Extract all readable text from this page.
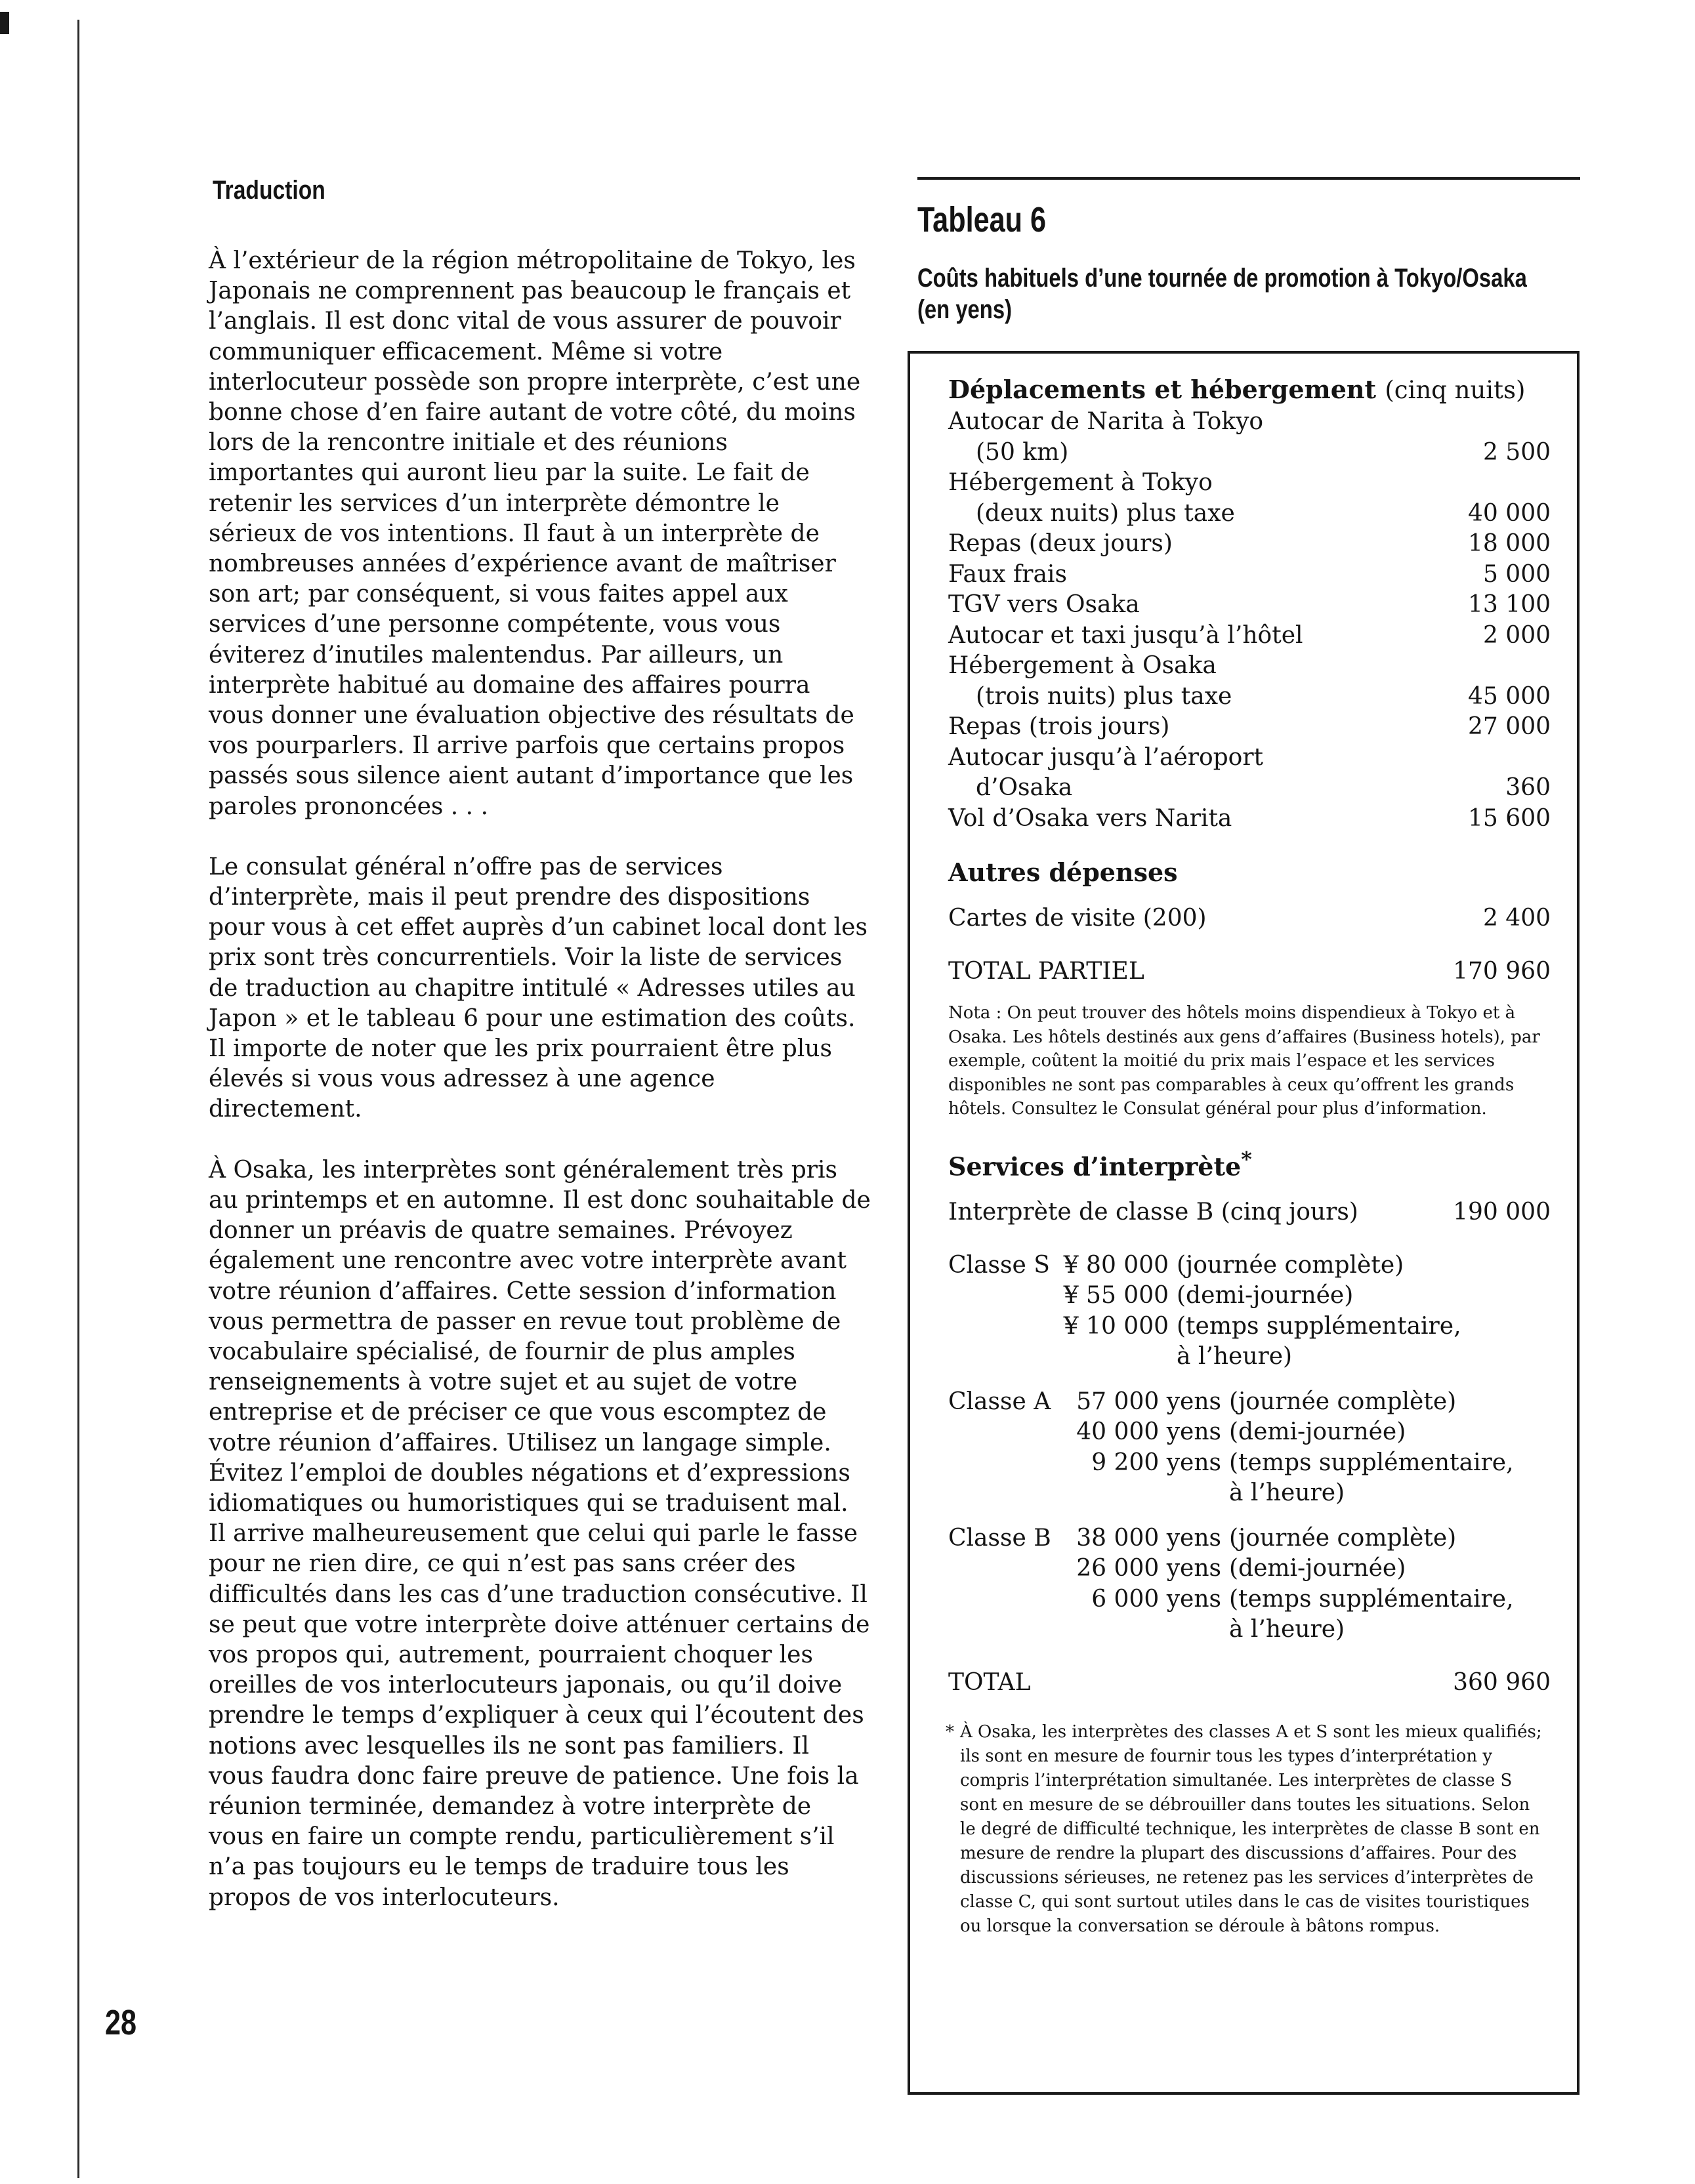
Traduction

À l’extérieur de la région métropolitaine de Tokyo, les Japonais ne comprennent pas beaucoup le français et l’anglais. Il est donc vital de vous assurer de pouvoir communiquer efficacement. Même si votre interlocuteur possède son propre interprète, c’est une bonne chose d’en faire autant de votre côté, du moins lors de la rencontre initiale et des réunions importantes qui auront lieu par la suite. Le fait de retenir les services d’un interprète démontre le sérieux de vos intentions. Il faut à un interprète de nombreuses années d’expérience avant de maîtriser son art; par conséquent, si vous faites appel aux services d’une personne compétente, vous vous éviterez d’inutiles malentendus. Par ailleurs, un interprète habitué au domaine des affaires pourra vous donner une évaluation objective des résultats de vos pourparlers. Il arrive parfois que certains propos passés sous silence aient autant d’importance que les paroles prononcées . . .

Le consulat général n’offre pas de services d’interprète, mais il peut prendre des dispositions pour vous à cet effet auprès d’un cabinet local dont les prix sont très concurrentiels. Voir la liste de services de traduction au chapitre intitulé « Adresses utiles au Japon » et le tableau 6 pour une estimation des coûts. Il importe de noter que les prix pourraient être plus élevés si vous vous adressez à une agence directement.

À Osaka, les interprètes sont généralement très pris au printemps et en automne. Il est donc souhaitable de donner un préavis de quatre semaines. Prévoyez également une rencontre avec votre interprète avant votre réunion d’affaires. Cette session d’information vous permettra de passer en revue tout problème de vocabulaire spécialisé, de fournir de plus amples renseignements à votre sujet et au sujet de votre entreprise et de préciser ce que vous escomptez de votre réunion d’affaires. Utilisez un langage simple. Évitez l’emploi de doubles négations et d’expressions idiomatiques ou humoristiques qui se traduisent mal. Il arrive malheureusement que celui qui parle le fasse pour ne rien dire, ce qui n’est pas sans créer des difficultés dans les cas d’une traduction consécutive. Il se peut que votre interprète doive atténuer certains de vos propos qui, autrement, pourraient choquer les oreilles de vos interlocuteurs japonais, ou qu’il doive prendre le temps d’expliquer à ceux qui l’écoutent des notions avec lesquelles ils ne sont pas familiers. Il vous faudra donc faire preuve de patience. Une fois la réunion terminée, demandez à votre interprète de vous en faire un compte rendu, particulièrement s’il n’a pas toujours eu le temps de traduire tous les propos de vos interlocuteurs.

28
Tableau 6
Coûts habituels d’une tournée de promotion à Tokyo/Osaka (en yens)
Déplacements et hébergement (cinq nuits)
Autocar de Narita à Tokyo
(50 km)	2 500
Hébergement à Tokyo
(deux nuits) plus taxe	40 000
Repas (deux jours)	18 000
Faux frais	5 000
TGV vers Osaka	13 100
Autocar et taxi jusqu’à l’hôtel	2 000
Hébergement à Osaka
(trois nuits) plus taxe	45 000
Repas (trois jours)	27 000
Autocar jusqu’à l’aéroport
d’Osaka	360
Vol d’Osaka vers Narita	15 600
Autres dépenses
Cartes de visite (200)	2 400
TOTAL PARTIEL	170 960
Nota : On peut trouver des hôtels moins dispendieux à Tokyo et à Osaka. Les hôtels destinés aux gens d’affaires (Business hotels), par exemple, coûtent la moitié du prix mais l’espace et les services disponibles ne sont pas comparables à ceux qu’offrent les grands hôtels. Consultez le Consulat général pour plus d’information.
Services d’interprète*
Interprète de classe B (cinq jours)	190 000
Classe S ¥ 80 000 (journée complète)
¥ 55 000 (demi-journée)
¥ 10 000 (temps supplémentaire,
à l’heure)
Classe A	57 000 yens (journée complète)
40 000 yens (demi-journée)
9 200 yens (temps supplémentaire,
à l’heure)
Classe B	38 000 yens (journée complète)
26 000 yens (demi-journée)
6 000 yens (temps supplémentaire,
à l’heure)
TOTAL	360 960
* À Osaka, les interprètes des classes A et S sont les mieux qualifiés; ils sont en mesure de fournir tous les types d’interprétation y compris l’interprétation simultanée. Les interprètes de classe S sont en mesure de se débrouiller dans toutes les situations. Selon le degré de difficulté technique, les interprètes de classe B sont en mesure de rendre la plupart des discussions d’affaires. Pour des discussions sérieuses, ne retenez pas les services d’interprètes de classe C, qui sont surtout utiles dans le cas de visites touristiques ou lorsque la conversation se déroule à bâtons rompus.
